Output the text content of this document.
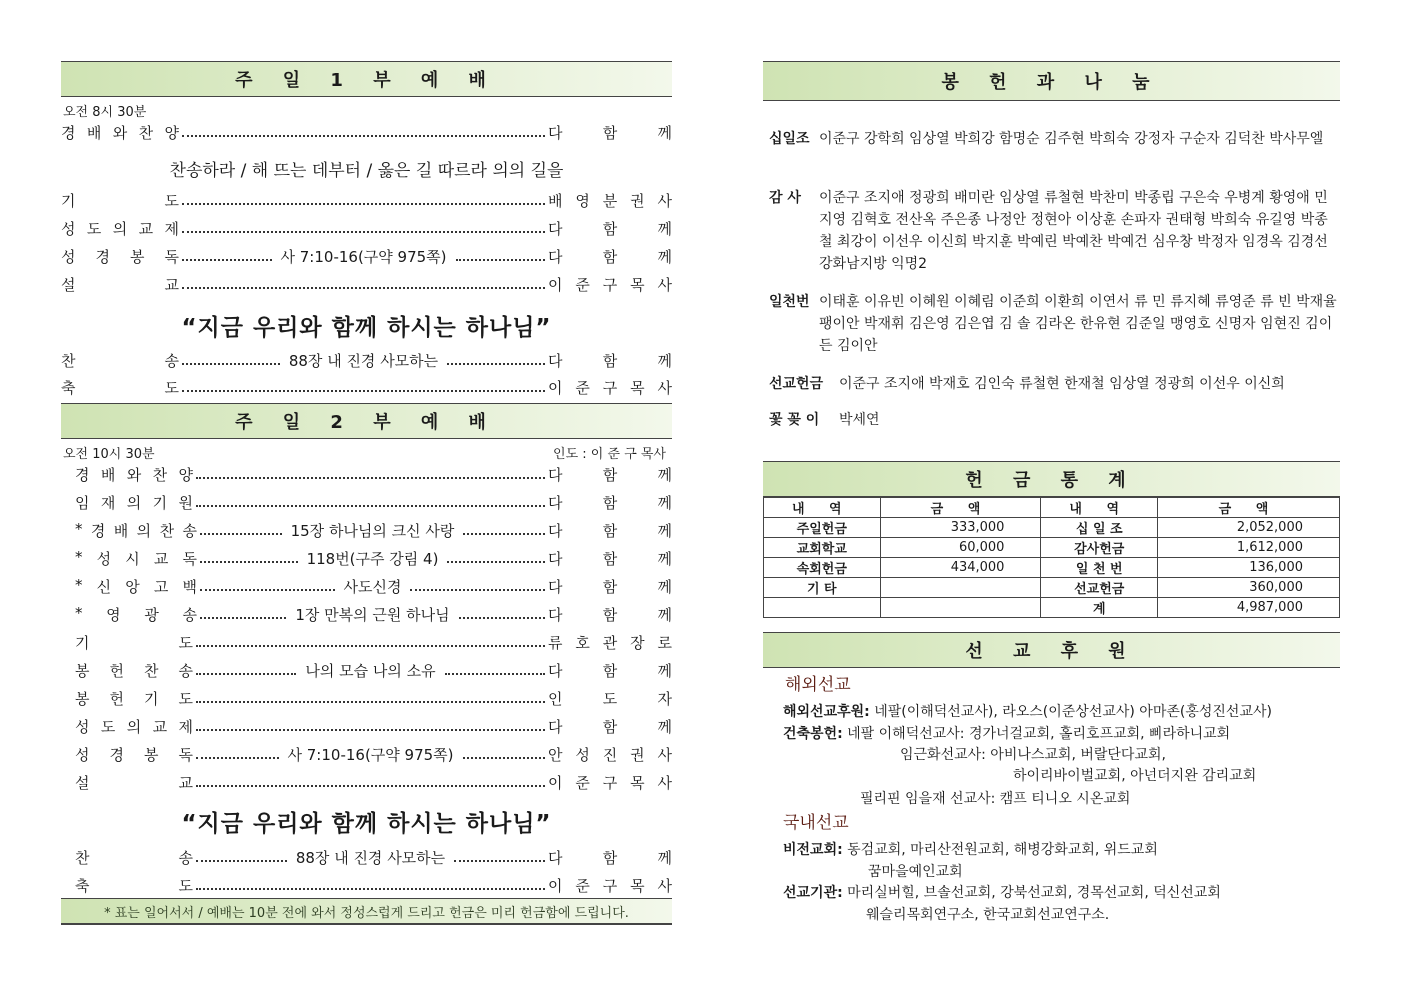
주 일 1 부 예 배
오전 8시 30분
경 배 와 찬 양	다	함	께
기	도	배 영 분 권 사
성 도 의 교 제	다	함	께
성 경 봉 독	사 7:10-16(구약 975쪽)	다	함	께
설	교	이 준 구 목 사
찬	송	88장 내 진경 사모하는	다	함	께
축	도	이 준 구 목 사
찬송하라 / 해 뜨는 데부터 / 옳은 길 따르라 의의 길을
“지금 우리와 함께 하시는 하나님”
주 일 2 부 예 배
오전 10시 30분	인도 : 이 준 구 목사
경 배 와 찬 양	다	함	께
임 재 의 기 원	다	함	께
* 경 배 의 찬 송	15장 하나님의 크신 사랑	다	함	께
* 성 시 교 독	118번(구주 강림 4)	다	함	께
* 신 앙 고 백	사도신경	다	함	께
* 영 광 송	1장 만복의 근원 하나님	다	함	께
기	도	류 호 관 장 로
봉 헌 찬 송	나의 모습 나의 소유	다	함	께
봉 헌 기 도	인	도	자
성 도 의 교 제	다	함	께
성 경 봉 독	사 7:10-16(구약 975쪽)	안 성 진 권 사
설	교	이 준 구 목 사
찬	송	88장 내 진경 사모하는	다	함	께
축	도	이 준 구 목 사
“지금 우리와 함께 하시는 하나님”
* 표는 일어서서 / 예배는 10분 전에 와서 정성스럽게 드리고 헌금은 미리 헌금함에 드립니다.
봉 헌 과 나 눔
십일조 이준구 강학희 임상열 박희강 함명순 김주현 박희숙 강정자 구순자 김덕찬 박사무엘
감 사	이준구 조지애 정광희 배미란 임상열 류철현 박찬미 박종립 구은숙 우병계 황영애 민지영 김혁호 전산옥 주은종 나정안 정현아 이상훈 손파자 권태형 박희숙 유길영 박종철 최강이 이선우 이신희 박지훈 박예린 박예찬 박예건 심우창 박정자 임경옥 김경선 강화남지방 익명2
일천번 이태훈 이유빈 이혜원 이혜림 이준희 이환희 이연서 류 민 류지혜 류영준 류 빈 박재율 팽이안 박재휘 김은영 김은엽 김 솔 김라온 한유현 김준일 맹영호 신명자 임현진 김이든 김이안
선교헌금	이준구 조지애 박재호 김인숙 류철현 한재철 임상열 정광희 이선우 이신희
꽃 꽂 이	박세연
헌 금 통 계
내 역	금 액	내 역	금 액
주일헌금	333,000	십 일 조	2,052,000
교회학교	60,000	감사헌금	1,612,000
속회헌금	434,000	일 천 번	136,000
기 타		선교헌금	360,000
		계	4,987,000
선 교 후 원
해외선교
해외선교후원: 네팔(이해덕선교사), 라오스(이준상선교사) 아마존(홍성진선교사)
건축봉헌: 네팔 이해덕선교사: 경가너걸교회, 홀리호프교회, 삐라하니교회
임근화선교사: 아비나스교회, 버랄단다교회,
하이리바이벌교회, 아넌더지완 감리교회
필리핀 임을재 선교사: 캠프 티니오 시온교회
국내선교
비전교회: 동검교회, 마리산전원교회, 해병강화교회, 위드교회
꿈마을예인교회
선교기관: 마리실버힐, 브솔선교회, 강북선교회, 경목선교회, 덕신선교회
웨슬리목회연구소, 한국교회선교연구소.
